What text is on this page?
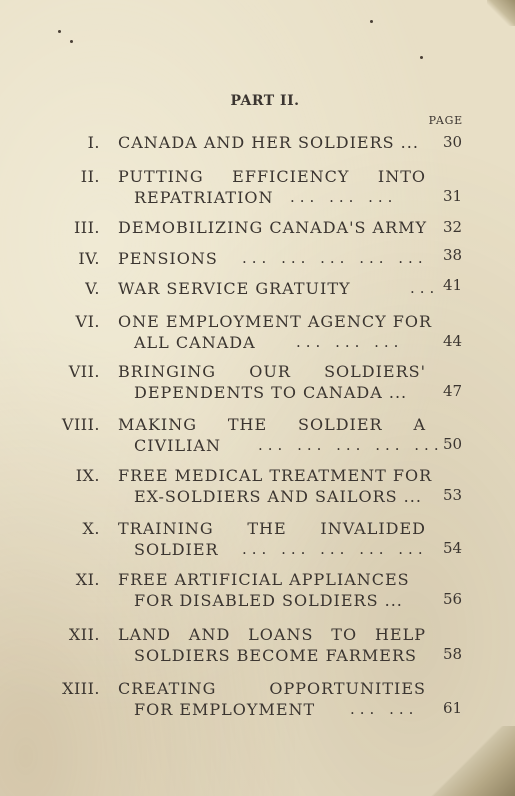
PART II.
PAGE
I. CANADA AND HER SOLDIERS ... 30
II. PUTTING EFFICIENCY INTO
REPATRIATION ... ... ...	31
III. DEMOBILIZING CANADA'S ARMY 32
IV. PENSIONS ... ... ... ... ... 38
V. WAR SERVICE GRATUITY	... 41
VI. ONE EMPLOYMENT AGENCY FOR
ALL CANADA	... ... ...	44
VII. BRINGING OUR SOLDIERS'
DEPENDENTS TO CANADA ... 47
VIII. MAKING THE SOLDIER A
CIVILIAN ... ... ... ... ... 50
IX. FREE MEDICAL TREATMENT FOR
EX-SOLDIERS AND SAILORS ... 53
X. TRAINING THE INVALIDED
SOLDIER ... ... ... ... ... 54
XI. FREE ARTIFICIAL APPLIANCES
FOR DISABLED SOLDIERS ...	56
XII. LAND AND LOANS TO HELP
SOLDIERS BECOME FARMERS 58
XIII. CREATING OPPORTUNITIES
FOR EMPLOYMENT ... ... 61
